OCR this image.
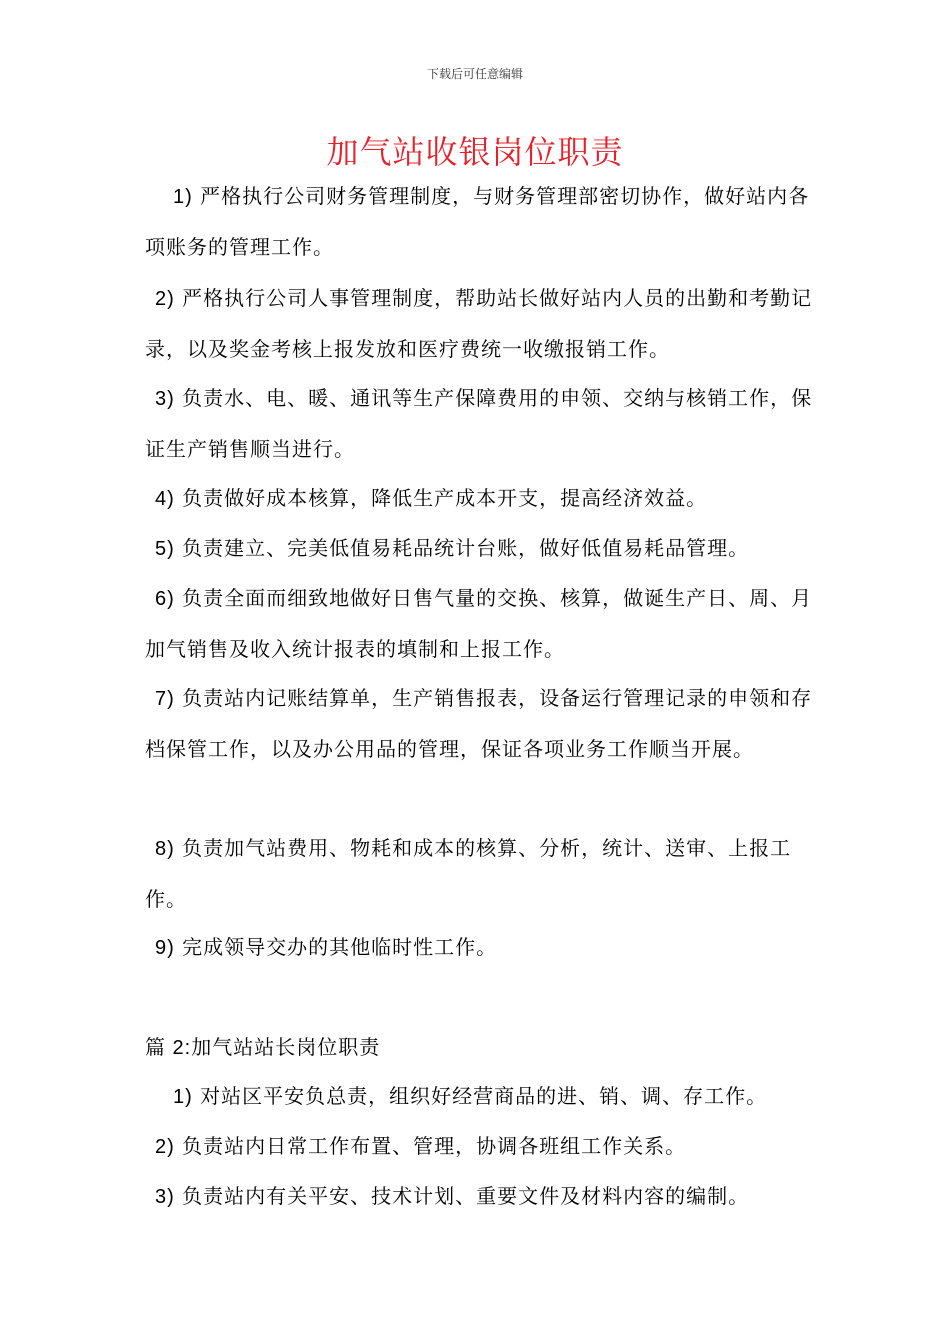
下载后可任意编辑
加气站收银岗位职责

1) 严格执行公司财务管理制度，与财务管理部密切协作，做好站内各项账务的管理工作。

2) 严格执行公司人事管理制度，帮助站长做好站内人员的出勤和考勤记录，以及奖金考核上报发放和医疗费统一收缴报销工作。

3) 负责水、电、暖、通讯等生产保障费用的申领、交纳与核销工作，保证生产销售顺当进行。

4) 负责做好成本核算，降低生产成本开支，提高经济效益。

5) 负责建立、完美低值易耗品统计台账，做好低值易耗品管理。

6) 负责全面而细致地做好日售气量的交换、核算，做诞生产日、周、月加气销售及收入统计报表的填制和上报工作。

7) 负责站内记账结算单，生产销售报表，设备运行管理记录的申领和存档保管工作，以及办公用品的管理，保证各项业务工作顺当开展。

8) 负责加气站费用、物耗和成本的核算、分析，统计、送审、上报工作。

9) 完成领导交办的其他临时性工作。

篇 2:加气站站长岗位职责

1) 对站区平安负总责，组织好经营商品的进、销、调、存工作。

2) 负责站内日常工作布置、管理，协调各班组工作关系。

3) 负责站内有关平安、技术计划、重要文件及材料内容的编制。
